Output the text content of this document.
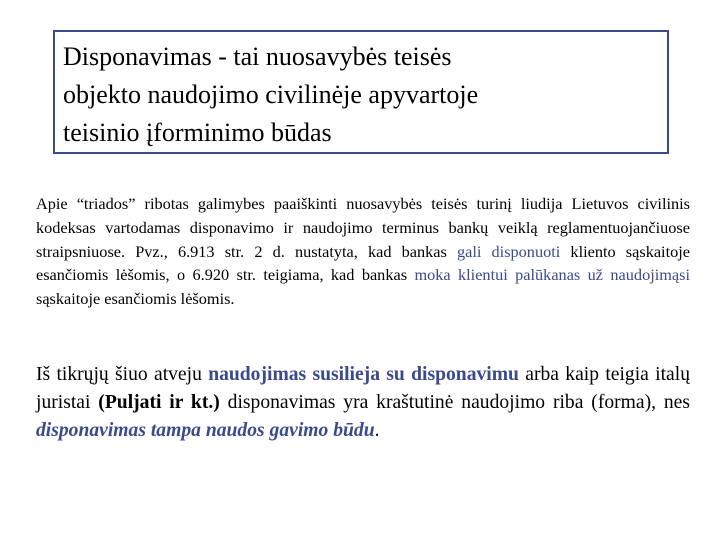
Disponavimas - tai nuosavybės teisės
objekto naudojimo civilinėje apyvartoje
teisinio įforminimo būdas

Apie “triados” ribotas galimybes paaiškinti nuosavybės teisės turinį liudija Lietuvos civilinis kodeksas vartodamas disponavimo ir naudojimo terminus bankų veiklą reglamentuojančiuose straipsniuose. Pvz., 6.913 str. 2 d. nustatyta, kad bankas gali disponuoti kliento sąskaitoje esančiomis lėšomis, o 6.920 str. teigiama, kad bankas moka klientui palūkanas už naudojimąsi sąskaitoje esančiomis lėšomis.

Iš tikrųjų šiuo atveju naudojimas susilieja su disponavimu arba kaip teigia italų juristai (Puljati ir kt.) disponavimas yra kraštutinė naudojimo riba (forma), nes disponavimas tampa naudos gavimo būdu.
